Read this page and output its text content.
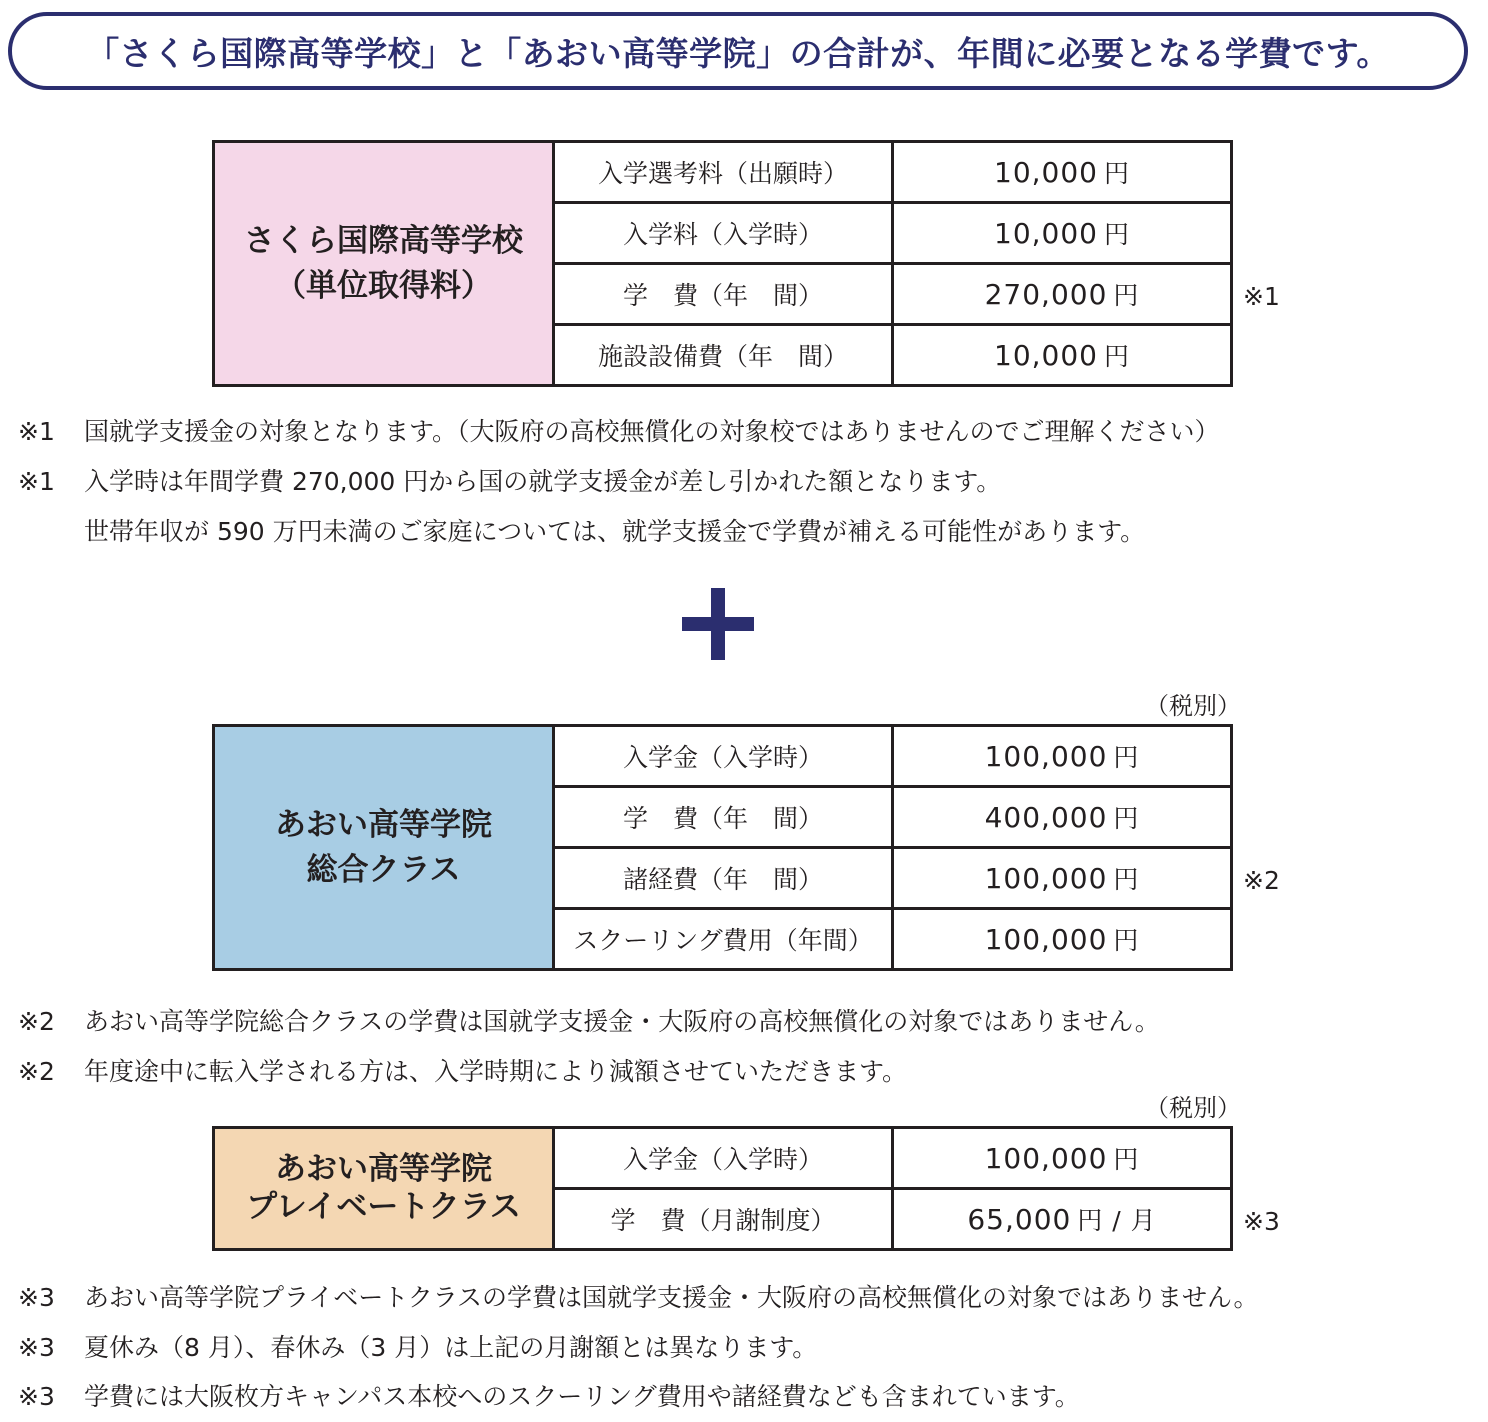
「さくら国際高等学校」と「あおい高等学院」の合計が、年間に必要となる学費です。
さくら国際高等学校
（単位取得料）	入学選考料（出願時）	10,000 円
	入学料（入学時）	10,000 円
	学　費（年　間）	270,000 円
	施設設備費（年　間）	10,000 円
※1
※1 国就学支援金の対象となります。（大阪府の高校無償化の対象校ではありませんのでご理解ください）
※1 入学時は年間学費 270,000 円から国の就学支援金が差し引かれた額となります。
世帯年収が 590 万円未満のご家庭については、就学支援金で学費が補える可能性があります。
（税別）
あおい高等学院
総合クラス	入学金（入学時）	100,000 円
	学　費（年　間）	400,000 円
	諸経費（年　間）	100,000 円
	スクーリング費用（年間）	100,000 円
※2
※2 あおい高等学院総合クラスの学費は国就学支援金・大阪府の高校無償化の対象ではありません。
※2 年度途中に転入学される方は、入学時期により減額させていただきます。
（税別）
あおい高等学院
プレイベートクラス	入学金（入学時）	100,000 円
	学　費（月謝制度）	65,000 円 / 月	※3
※3 あおい高等学院プライベートクラスの学費は国就学支援金・大阪府の高校無償化の対象ではありません。
※3 夏休み（8 月）、春休み（3 月）は上記の月謝額とは異なります。
※3 学費には大阪枚方キャンパス本校へのスクーリング費用や諸経費なども含まれています。
